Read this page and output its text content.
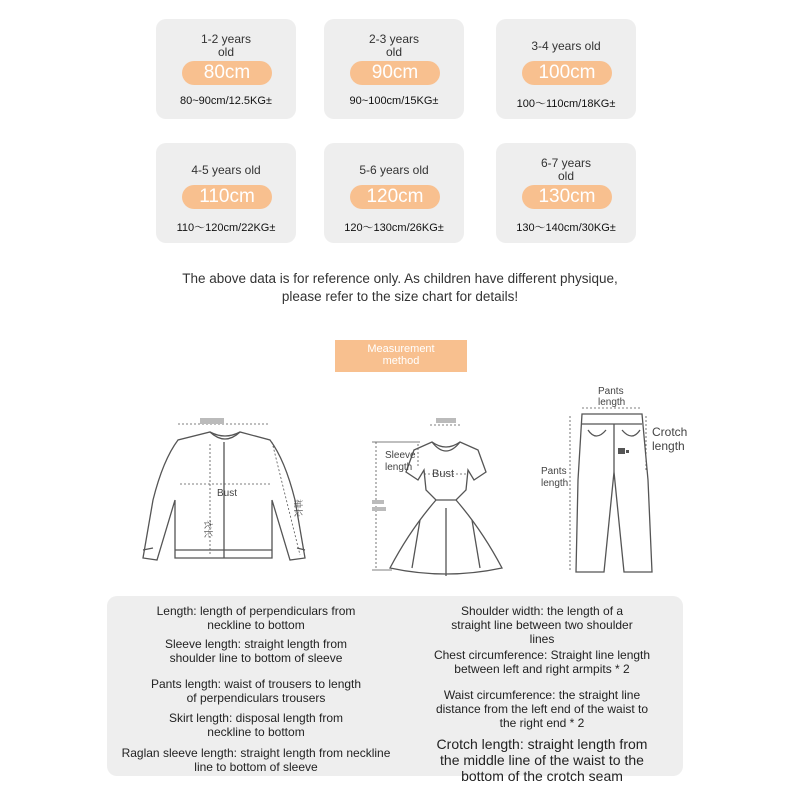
1-2 years
old
80cm
80~90cm/12.5KG±
2-3 years
old
90cm
90~100cm/15KG±
3-4 years old
100cm
100～110cm/18KG±
4-5 years old
110cm
110～120cm/22KG±
5-6 years old
120cm
120～130cm/26KG±
6-7 years
old
130cm
130～140cm/30KG±
The above data is for reference only. As children have different physique,
please refer to the size chart for details!
Measurement
method
Bust
衣长
袖长
Sleeve
length
Bust
Pants
length
Crotch
length
Pants
length
Length: length of perpendiculars from
neckline to bottom
Sleeve length: straight length from
shoulder line to bottom of sleeve
Pants length: waist of trousers to length
of perpendiculars trousers
Skirt length: disposal length from
neckline to bottom
Raglan sleeve length: straight length from neckline
line to bottom of sleeve
Shoulder width: the length of a
straight line between two shoulder
lines
Chest circumference: Straight line length
between left and right armpits * 2
Waist circumference: the straight line
distance from the left end of the waist to
the right end * 2
Crotch length: straight length from
the middle line of the waist to the
bottom of the crotch seam
